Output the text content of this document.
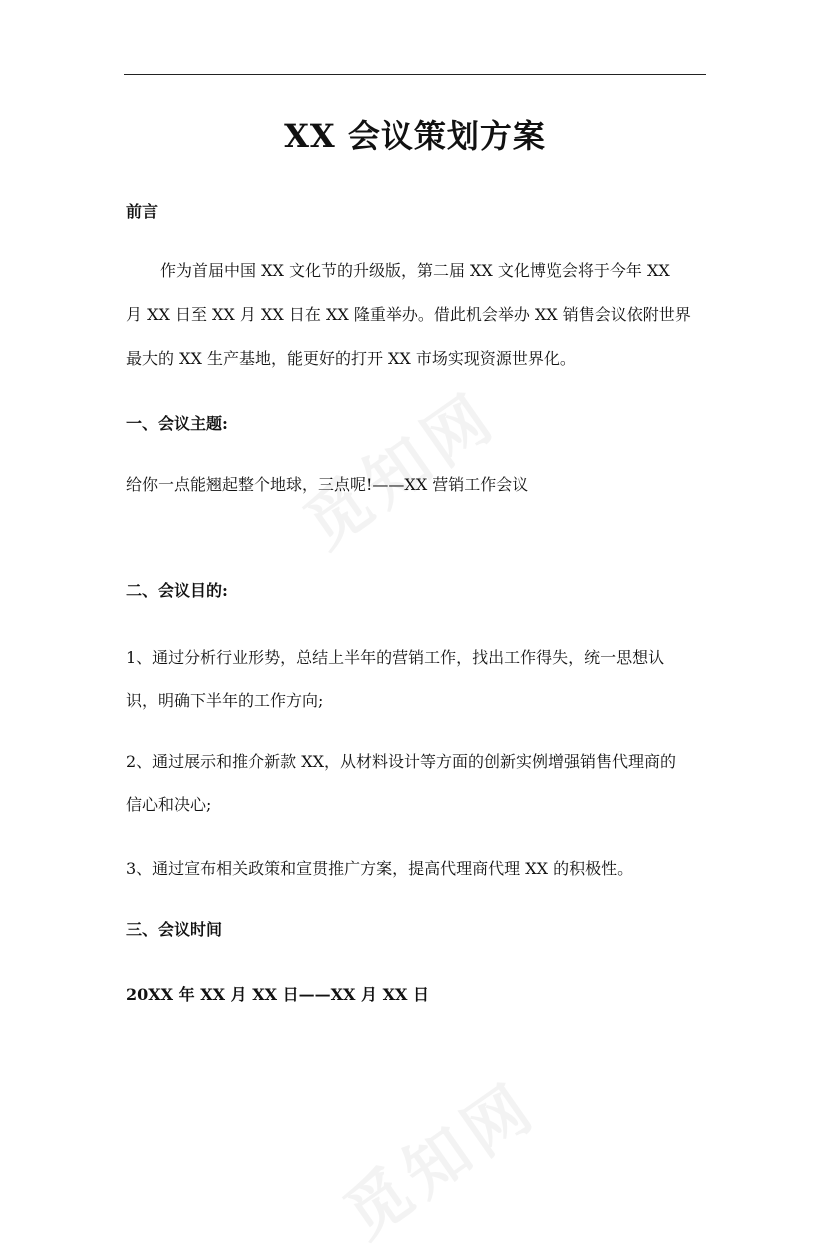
XX 会议策划方案
前言
作为首届中国 XX 文化节的升级版，第二届 XX 文化博览会将于今年 XX
月 XX 日至 XX 月 XX 日在 XX 隆重举办。借此机会举办 XX 销售会议依附世界
最大的 XX 生产基地，能更好的打开 XX 市场实现资源世界化。
一、会议主题:
给你一点能翘起整个地球，三点呢!——XX 营销工作会议
二、会议目的:
1、通过分析行业形势，总结上半年的营销工作，找出工作得失，统一思想认
识，明确下半年的工作方向;
2、通过展示和推介新款 XX，从材料设计等方面的创新实例增强销售代理商的
信心和决心;
3、通过宣布相关政策和宣贯推广方案，提高代理商代理 XX 的积极性。
三、会议时间
20XX 年 XX 月 XX 日——XX 月 XX 日
